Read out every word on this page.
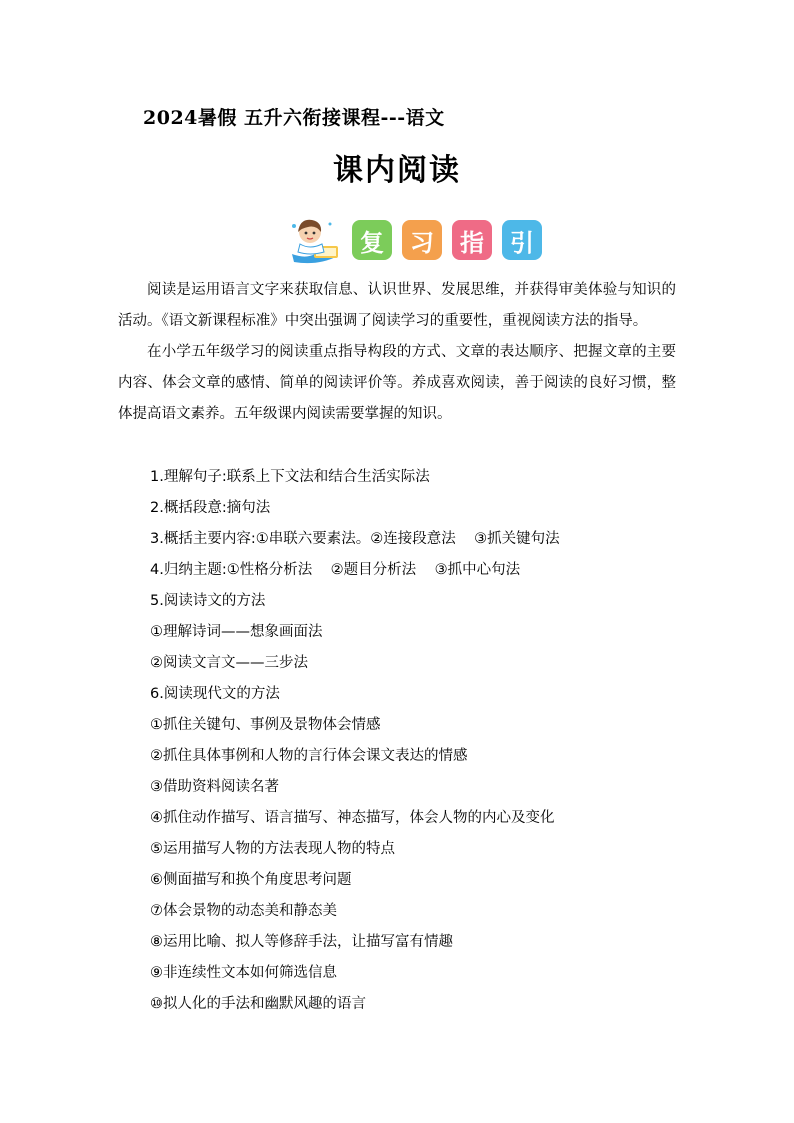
2024暑假 五升六衔接课程---语文
课内阅读
复 习 指 引

阅读是运用语言文字来获取信息、认识世界、发展思维，并获得审美体验与知识的活动。《语文新课程标准》中突出强调了阅读学习的重要性，重视阅读方法的指导。

在小学五年级学习的阅读重点指导构段的方式、文章的表达顺序、把握文章的主要内容、体会文章的感情、简单的阅读评价等。养成喜欢阅读，善于阅读的良好习惯，整体提高语文素养。五年级课内阅读需要掌握的知识。

1.理解句子:联系上下文法和结合生活实际法
2.概括段意:摘句法
3.概括主要内容:①串联六要素法。②连接段意法    ③抓关键句法
4.归纳主题:①性格分析法    ②题目分析法    ③抓中心句法
5.阅读诗文的方法
①理解诗词——想象画面法
②阅读文言文——三步法
6.阅读现代文的方法
①抓住关键句、事例及景物体会情感
②抓住具体事例和人物的言行体会课文表达的情感
③借助资料阅读名著
④抓住动作描写、语言描写、神态描写，体会人物的内心及变化
⑤运用描写人物的方法表现人物的特点
⑥侧面描写和换个角度思考问题
⑦体会景物的动态美和静态美
⑧运用比喻、拟人等修辞手法，让描写富有情趣
⑨非连续性文本如何筛选信息
⑩拟人化的手法和幽默风趣的语言
